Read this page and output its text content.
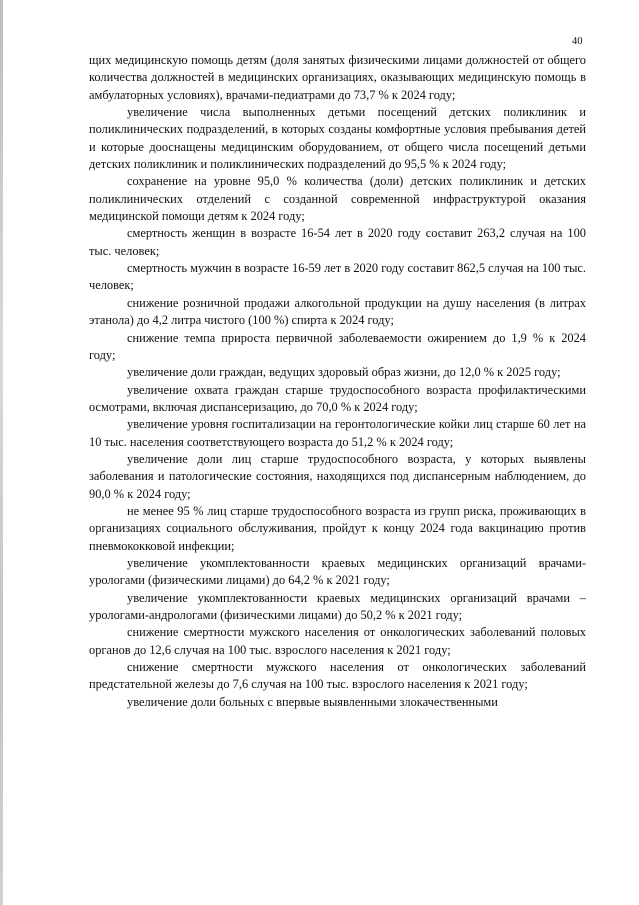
40

щих медицинскую помощь детям (доля занятых физическими лицами должностей от общего количества должностей в медицинских организациях, оказывающих медицинскую помощь в амбулаторных условиях), врачами-педиатрами до 73,7 % к 2024 году;

увеличение числа выполненных детьми посещений детских поликлиник и поликлинических подразделений, в которых созданы комфортные условия пребывания детей и которые дооснащены медицинским оборудованием, от общего числа посещений детьми детских поликлиник и поликлинических подразделений до 95,5 % к 2024 году;

сохранение на уровне 95,0 % количества (доли) детских поликлиник и детских поликлинических отделений с созданной современной инфраструктурой оказания медицинской помощи детям к 2024 году;

смертность женщин в возрасте 16-54 лет в 2020 году составит 263,2 случая на 100 тыс. человек;

смертность мужчин в возрасте 16-59 лет в 2020 году составит 862,5 случая на 100 тыс. человек;

снижение розничной продажи алкогольной продукции на душу населения (в литрах этанола) до 4,2 литра чистого (100 %) спирта к 2024 году;

снижение темпа прироста первичной заболеваемости ожирением до 1,9 % к 2024 году;

увеличение доли граждан, ведущих здоровый образ жизни, до 12,0 % к 2025 году;

увеличение охвата граждан старше трудоспособного возраста профилактическими осмотрами, включая диспансеризацию, до 70,0 % к 2024 году;

увеличение уровня госпитализации на геронтологические койки лиц старше 60 лет на 10 тыс. населения соответствующего возраста до 51,2 % к 2024 году;

увеличение доли лиц старше трудоспособного возраста, у которых выявлены заболевания и патологические состояния, находящихся под диспансерным наблюдением, до 90,0 % к 2024 году;

не менее 95 % лиц старше трудоспособного возраста из групп риска, проживающих в организациях социального обслуживания, пройдут к концу 2024 года вакцинацию против пневмококковой инфекции;

увеличение укомплектованности краевых медицинских организаций врачами-урологами (физическими лицами) до 64,2 % к 2021 году;

увеличение укомплектованности краевых медицинских организаций врачами – урологами-андрологами (физическими лицами) до 50,2 % к 2021 году;

снижение смертности мужского населения от онкологических заболеваний половых органов до 12,6 случая на 100 тыс. взрослого населения к 2021 году;

снижение смертности мужского населения от онкологических заболеваний предстательной железы до 7,6 случая на 100 тыс. взрослого населения к 2021 году;

увеличение доли больных с впервые выявленными злокачественными
